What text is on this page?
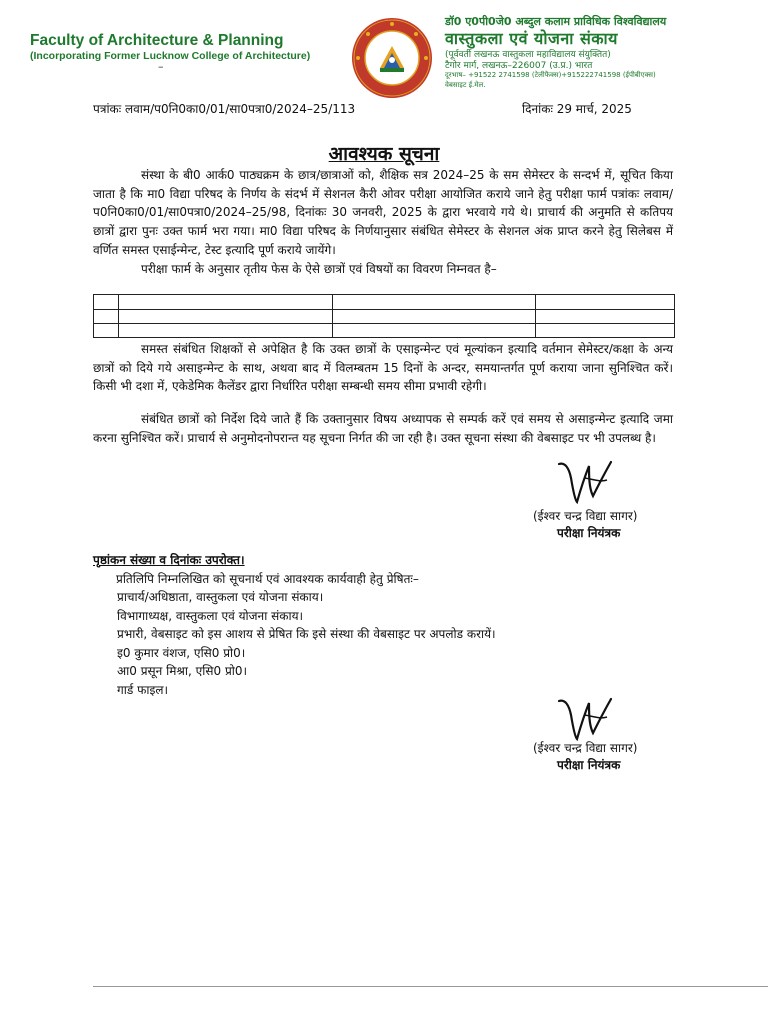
Faculty of Architecture & Planning
(Incorporating Former Lucknow College of Architecture)
–
डॉ0 ए0पी0जे0 अब्दुल कलाम प्राविधिक विश्वविद्यालय
वास्तुकला एवं योजना संकाय
(पूर्ववर्ती लखनऊ वास्तुकला महाविद्यालय संयुक्तित)
टैगोर मार्ग, लखनऊ–226007 (उ.प्र.) भारत
दूरभाष– +91522 2741598 (टेलीफैक्स)+915222741598 (ईपीबीएक्स)
वेबसाइट ई.मेल.
पत्रांकः लवाम/प0नि0का0/01/सा0पत्रा0/2024–25/113	दिनांकः 29 मार्च, 2025
आवश्यक सूचना
संस्था के बी0 आर्क0 पाठ्यक्रम के छात्र/छात्राओं को, शैक्षिक सत्र 2024–25 के सम सेमेस्टर के सन्दर्भ में, सूचित किया जाता है कि मा0 विद्या परिषद के निर्णय के संदर्भ में सेशनल कैरी ओवर परीक्षा आयोजित कराये जाने हेतु परीक्षा फार्म पत्रांकः लवाम/प0नि0का0/01/सा0पत्रा0/2024–25/98, दिनांकः 30 जनवरी, 2025 के द्वारा भरवाये गये थे। प्राचार्य की अनुमति से कतिपय छात्रों द्वारा पुनः उक्त फार्म भरा गया। मा0 विद्या परिषद के निर्णयानुसार संबंधित सेमेस्टर के सेशनल अंक प्राप्त करने हेतु सिलेबस में वर्णित समस्त एसाईन्मेन्ट, टेस्ट इत्यादि पूर्ण कराये जायेंगे।
परीक्षा फार्म के अनुसार तृतीय फेस के ऐसे छात्रों एवं विषयों का विवरण निम्नवत है–
समस्त संबंधित शिक्षकों से अपेक्षित है कि उक्त छात्रों के एसाइन्मेन्ट एवं मूल्यांकन इत्यादि वर्तमान सेमेस्टर/कक्षा के अन्य छात्रों को दिये गये असाइन्मेन्ट के साथ, अथवा बाद में विलम्बतम 15 दिनों के अन्दर, समयान्तर्गत पूर्ण कराया जाना सुनिश्चित करें। किसी भी दशा में, एकेडेमिक कैलेंडर द्वारा निर्धारित परीक्षा सम्बन्धी समय सीमा प्रभावी रहेगी।
संबंधित छात्रों को निर्देश दिये जाते हैं कि उक्तानुसार विषय अध्यापक से सम्पर्क करें एवं समय से असाइन्मेन्ट इत्यादि जमा करना सुनिश्चित करें। प्राचार्य से अनुमोदनोपरान्त यह सूचना निर्गत की जा रही है। उक्त सूचना संस्था की वेबसाइट पर भी उपलब्ध है।
(ईश्वर चन्द्र विद्या सागर)
परीक्षा नियंत्रक
पृष्ठांकन संख्या व दिनांकः उपरोक्त।
प्रतिलिपि निम्नलिखित को सूचनार्थ एवं आवश्यक कार्यवाही हेतु प्रेषितः–
प्राचार्य/अधिष्ठाता, वास्तुकला एवं योजना संकाय।
विभागाध्यक्ष, वास्तुकला एवं योजना संकाय।
प्रभारी, वेबसाइट को इस आशय से प्रेषित कि इसे संस्था की वेबसाइट पर अपलोड करायें।
इ0 कुमार वंशज, एसि0 प्रो0।
आ0 प्रसून मिश्रा, एसि0 प्रो0।
गार्ड फाइल।
(ईश्वर चन्द्र विद्या सागर)
परीक्षा नियंत्रक
